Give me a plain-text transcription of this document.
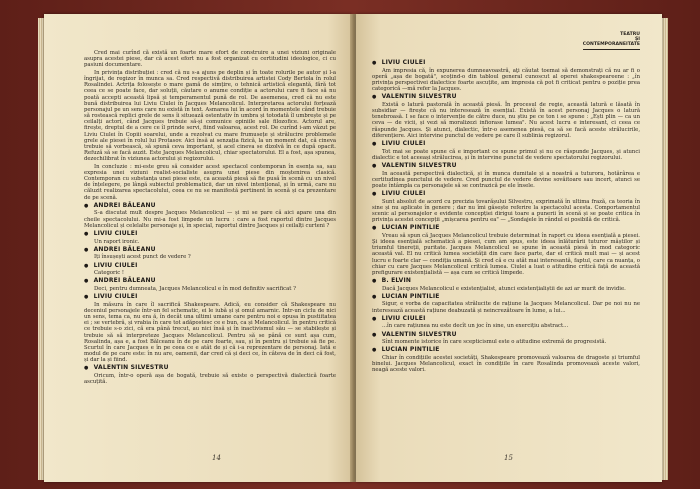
Cred mai curînd că există un foarte mare efort de construire a unei viziuni originale asupra acestei piese, dar că acest efort nu a fost organizat cu certitudini ideologice, ci cu pasiuni documentare.

In privința distribuției : cred că nu s-a ajuns pe deplin și în toate rolurile pe autor și l-a îngrijat, de regizor în munca sa. Cred respectivă distribuirea artistei Cody Bertola în rolul Rosalindei. Actrița folosește o mare gamă de simțire, o tehnică artistică elegantă, fără tot ceea ce se poate face, dar soluții, căutare o anume condiție a actorului care fi face să nu poată accepti această lipsă și temperamentul pună de rol. De asemenea, cred că nu este bună distribuirea lui Liviu Ciulei în Jacques Melancolicul. Interpretarea actorului forțează personajul pe un sens care nu există în text. Asmarea lui în acord în momentele când trebuie să rostească replici grele de sens îi situează ostentativ în umbra și totodată îl umbrește și pe ceilalți actori, când Jacques trebuie să-și comunice opiniile sale filozofice. Actorul are, firește, dreptul de a cere ce îl prinde servi, fiind valoarea, acest rol. De curînd i-am văzut pe Liviu Ciulei în Copiii soarelui, unde a rezolvat cu mare frumusețe și strălucire problemele grele ale piesei în rolul lui Protasov. Aici însă ai senzația fizică, la un moment dat, că cineva trebuie să vorbească, să spună ceva important, și acel cineva se dizolvă în ce după opacit. Refuză să se facă auzit. Este Jacques Melancolicul, chiar spectatorului. El a fost, așa spunea, dezechilibrat în viziunea actorului și regizorului.

In concluzie : mi-este greu să consider acest spectacol contemporan în esența sa, sau expresia unei viziuni realist-socialiste asupra unei piese din moștenirea clasică. Contemporan cu substanța unei piese este, ca această piesă să fie pusă în scenă cu un nivel de înțelegere, pe lângă subiectul problematicii, dar un nivel intențional, și în urmă, care nu căluzit realizarea spectacolului, ceea ce nu se manifestă pertinent în scenă și ca prezentare de pe scenă.

● ANDREI BĂLEANU

S-a discutat mult despre Jacques Melancolicul — și mi se pare că aici apare una din cheile spectacolului. Nu mi-a fost limpede un lucru : care a fost raportul dintre Jacques Melancolicul și celelalte personaje și, în special, raportul dintre Jacques și ceilalți curteni ?

● LIVIU CIULEI

Un raport ironic.

● ANDREI BĂLEANU

Iți însușești acest punct de vedere ?

● LIVIU CIULEI

Categoric !

● ANDREI BĂLEANU

Deci, pentru dumneata, Jacques Melancolicul e în mod definitiv sacrificat ?

● LIVIU CIULEI

In măsura în care îl sacrifică Shakespeare. Adică, eu consider că Shakespeare nu deceniul personajele într-un fel schematic, ei le iubă și și omul amarnic. Intr-un ciclu de nici un sens, tema ca, nu era ă, în decât una ultimi umane care pentru noi e opusa în pustiitatea ei ; se vertebră, și vrabia în care tot adăpostesc ce e bun, ca și Melancolicul. în pentru critică ce trebuie s-o zici, că era până trecut, au nici însă și în inactivismul său — se stabilește și trebuie să să interpreteze Jacques Melancolicul. Pentru să se până ce sunt așa cum, Rosalinda, așa e, a fost Bălceanu în de pe care foarte, sau, și în pentru și trebuie să fie pe. Scurtul în care Jacques e în pe ceea ce e atât de și că i-a reprezentare de personaj. Iată e modul de pe care este: în nu are, oamenii, dar cred că și deci ce, în câteva de în deci că fost, și dar la și fiind.

● VALENTIN SILVESTRU

Oricum, într-o operă așa de bogată, trebuie să existe o perspectivă dialectică foarte ascuțită.

14
TEATRU
ȘI
CONTEMPORANEITATE
● LIVIU CIULEI

Am impresia că, în expunerea dumneavoastră, aţi căutat toemai să demonstrați că nu ar fi o operă „așa de bogată", scoțind-o din tabloul general cunoscut al operei shakespeareene : „în privința perspectivei dialectice foarte ascuțite, am impresia că pot fi criticat pentru o poziție prea categorică —mă refer la Jacques.

● VALENTIN SILVESTRU

Există o latură pastorală în această piesă. În procesul de regie, această latură e lăsată în subsidiar — firește că nu interesează în esențial. Există în acest personaj Jacques o latură tenebroasă. I se face o intervenție de către duce, nu știu pe ce ton i se spune : „Ești plin — ca un ceva — de vicii, și vezi să moralizezi infiorase lumea". Nu acest lucru e interesant, ci ceea ce răspunde Jacques. Și atunci, dialectic, într-o asemenea piesă, ca să se facă aceste strălucirile, diferențiere. Aici intervine punctul de vedere pe care îl sublinia regizorul.

● LIVIU CIULEI

Tot mai se poate spune că e important ce spune primul și nu ce răspunde Jacques, și atunci dialectic e tot aceeași strălucirea, și în intervine punctul de vedere spectatorului regizorului.

● VALENTIN SILVESTRU

In această perspectivă dialectică, și în munca dumitale și a noastră a tuturora, hotărârea e certitudinea punctului de vedere. Cred punctul de vedere devine sovăitoare sau incert, atunci se poate întâmpla ca personajele să se contrazică pe ele însele.

● LIVIU CIULEI

Sunt absolut de acord cu precizia tovarășului Silvestru, exprimată în ultima frază, ca teoria în sine și nu aplicate în genere ; dar nu îmi găsește referire la spectacolul acesta. Comportamentul scenic al personajelor e evidente concepției dirigui toare a punerii în scenă și se poate critica în privința acestei concepții „mișcarea pentru ea" — „Sondajele în rândul ei posibilă de critică.

● LUCIAN PINTILIE

Vreau să spun că Jacques Melancolicul trebuie determinat în raport cu ideea esențială a piesei. Și ideea esențială schematică a piesei, cum am spus, este ideea înlăturării tuturor măștilor și triumful tinereții, puritate. Jacques Melancolicul se spune în această piesă în mod categoric această val. El nu critică lumea societății din care face parte, dar el critică mult mai — și acest lucru e foarte clar — condiția umană. Și cred că e cu atât mai interesantă, faptul, care ca nuanța, o chiar cu care Jacques Melancolicul critică lumea. Ciulei a luat o atitudine critică față de această prefigurare existențialistă — așa cum se critică limpede.

● B. ELVIN

Dacă Jacques Melancolicul e existențialist, atunci existențialiștii de azi ar murit de invidie.

● LUCIAN PINTILIE

Sigur, e vorba de capacitatea strălucite de rațiune la Jacques Melancolicul. Dar pe noi nu ne interesează această rațiune deabuzată și neincrezătoare în lume, a lui...

● LIVIU CIULEI

...în care rațiunea nu este decît un joc în sine, un exercițiu abstract...

● VALENTIN SILVESTRU

Sînt momente istorice în care scepticismul este o atitudine extremă de progresistă.

● LUCIAN PINTILIE

Chiar în condițiile acestei societăți, Shakespeare promovează valoarea de dragoste și triumful binelui. Jacques Melancolicul, exact în condițiile în care Rosalinda promovează aceste valori, neagă aceste valori.

15
